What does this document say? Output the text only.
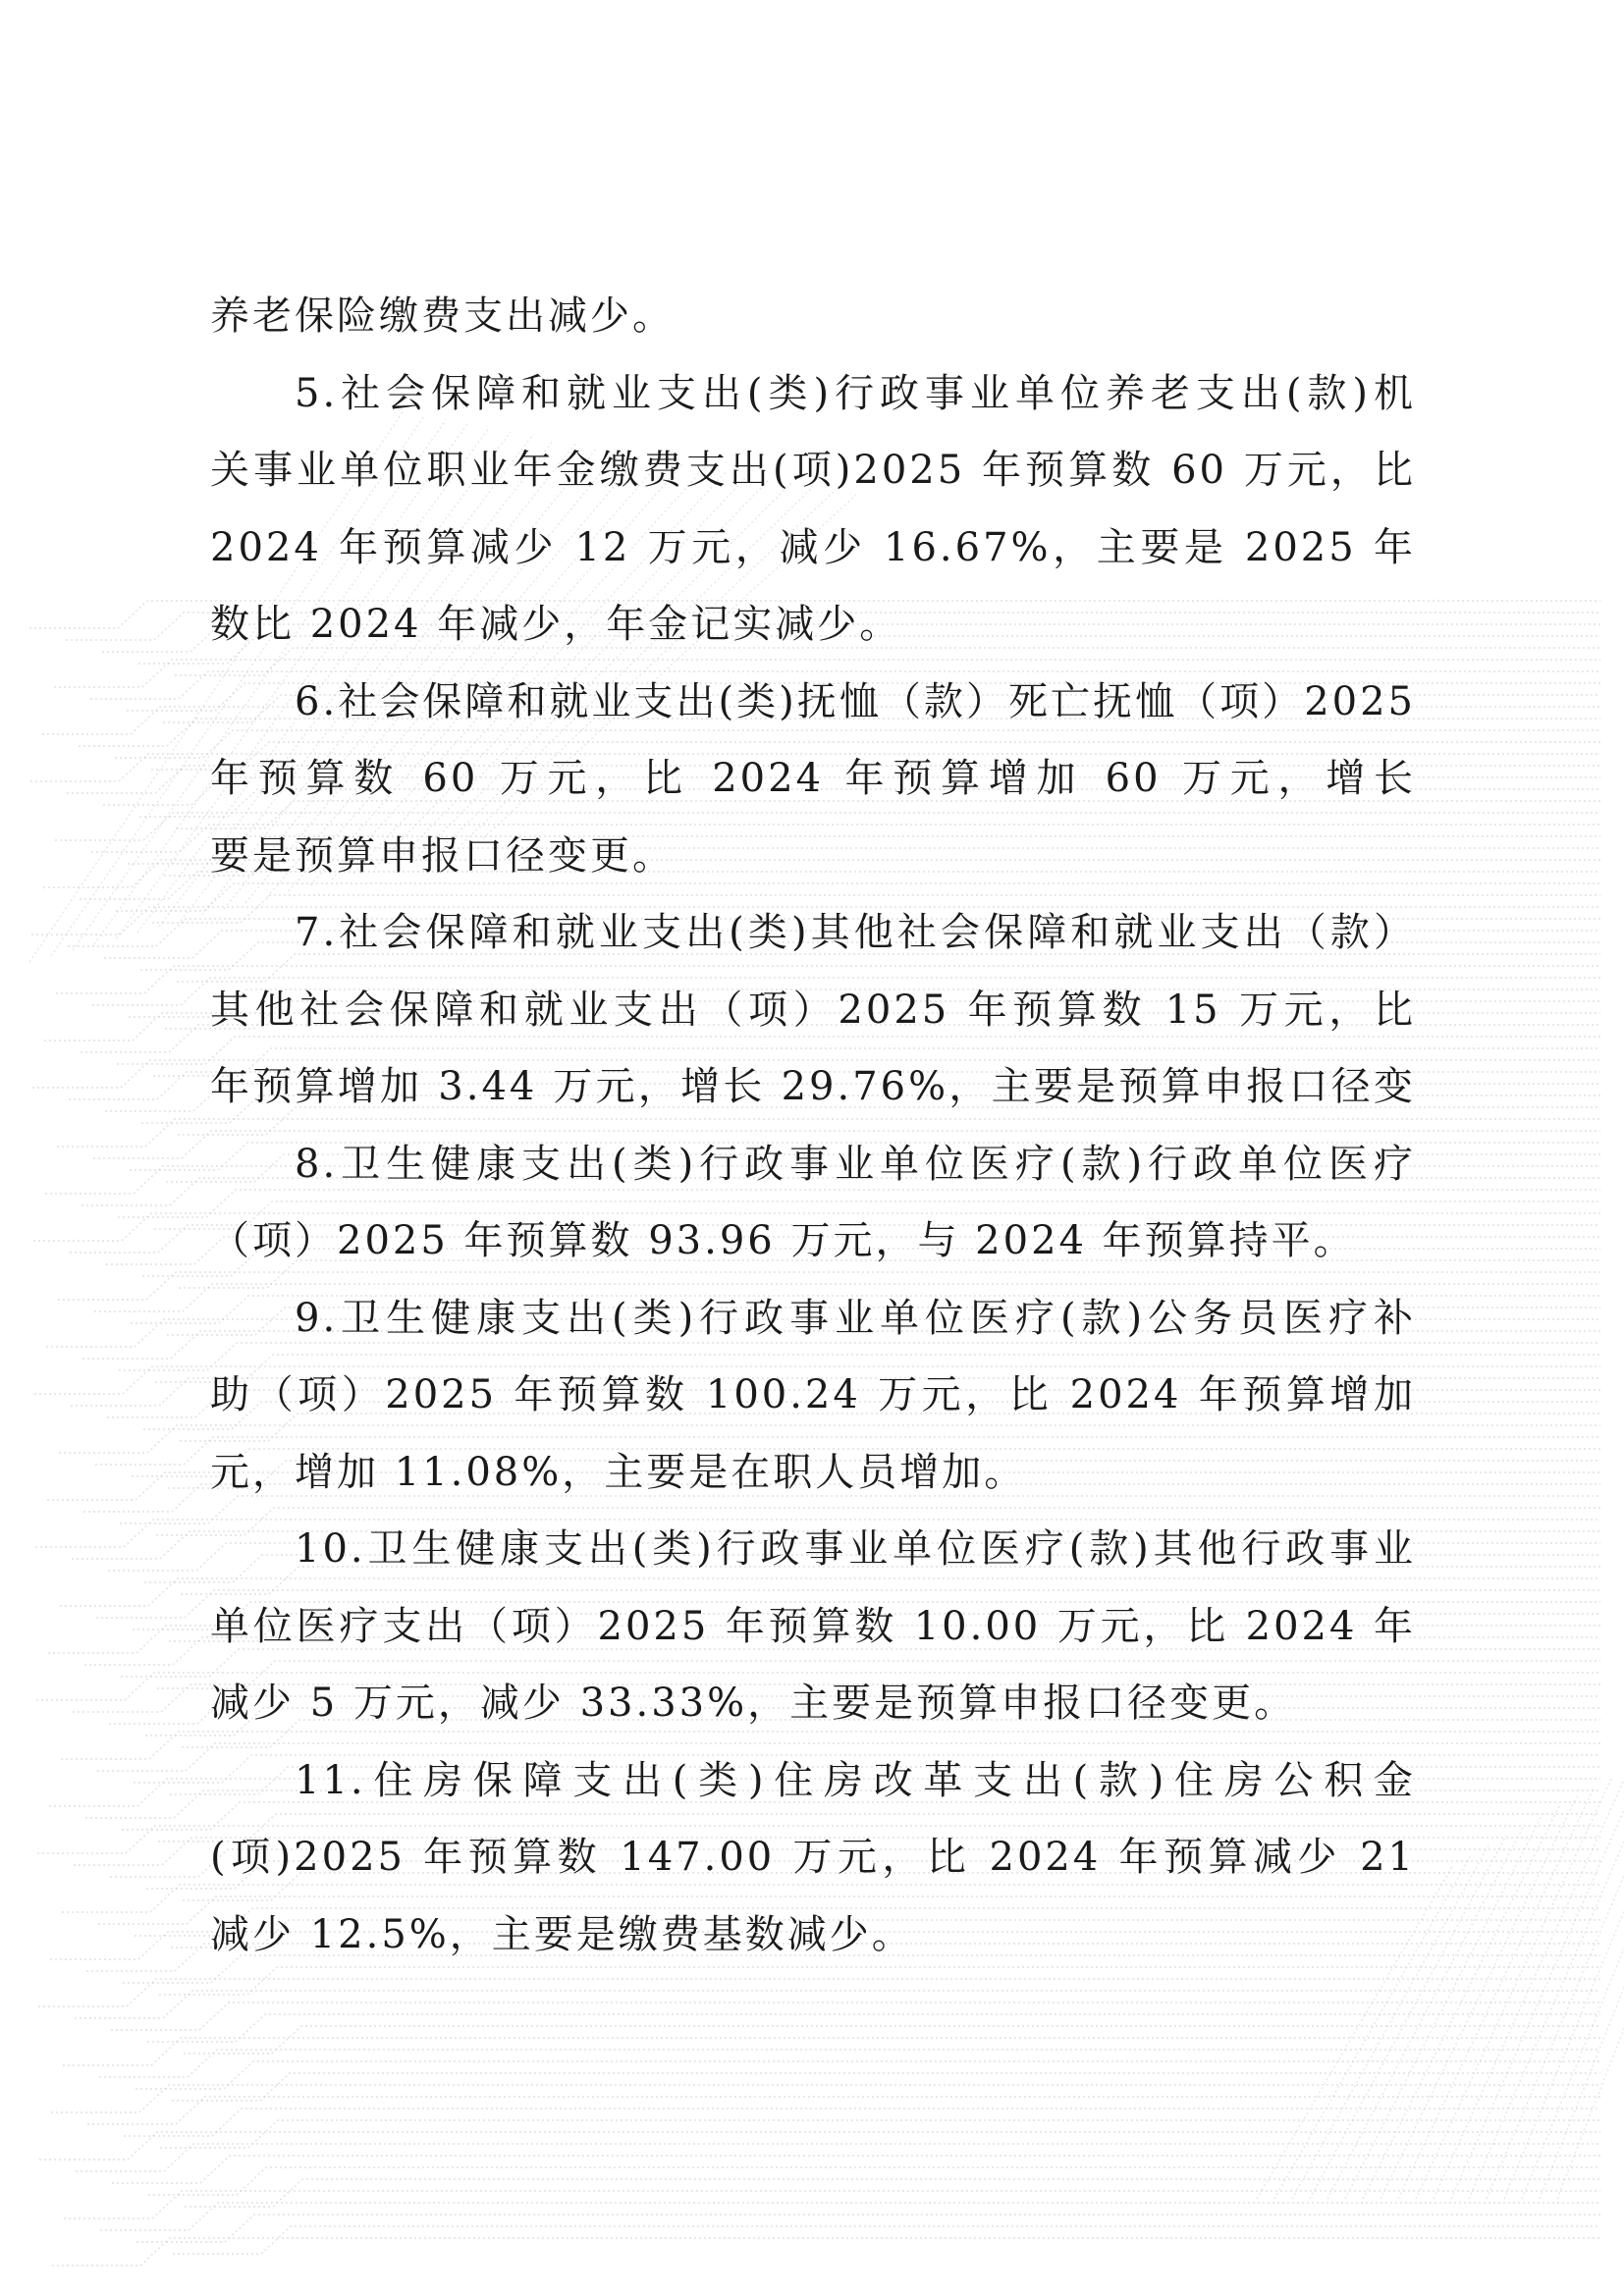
养老保险缴费支出减少。
5.社会保障和就业支出(类)行政事业单位养老支出(款)机
关事业单位职业年金缴费支出(项)2025 年预算数 60 万元，比
2024 年预算减少 12 万元，减少 16.67%，主要是 2025 年
数比 2024 年减少，年金记实减少。
6.社会保障和就业支出(类)抚恤（款）死亡抚恤（项）2025
年预算数 60 万元，比 2024 年预算增加 60 万元，增长
要是预算申报口径变更。
7.社会保障和就业支出(类)其他社会保障和就业支出（款）
其他社会保障和就业支出（项）2025 年预算数 15 万元，比
年预算增加 3.44 万元，增长 29.76%，主要是预算申报口径变
8.卫生健康支出(类)行政事业单位医疗(款)行政单位医疗
（项）2025 年预算数 93.96 万元，与 2024 年预算持平。
9.卫生健康支出(类)行政事业单位医疗(款)公务员医疗补
助（项）2025 年预算数 100.24 万元，比 2024 年预算增加
元，增加 11.08%，主要是在职人员增加。
10.卫生健康支出(类)行政事业单位医疗(款)其他行政事业
单位医疗支出（项）2025 年预算数 10.00 万元，比 2024 年
减少 5 万元，减少 33.33%，主要是预算申报口径变更。
11.住房保障支出(类)住房改革支出(款)住房公积金
(项)2025 年预算数 147.00 万元，比 2024 年预算减少 21
减少 12.5%，主要是缴费基数减少。
